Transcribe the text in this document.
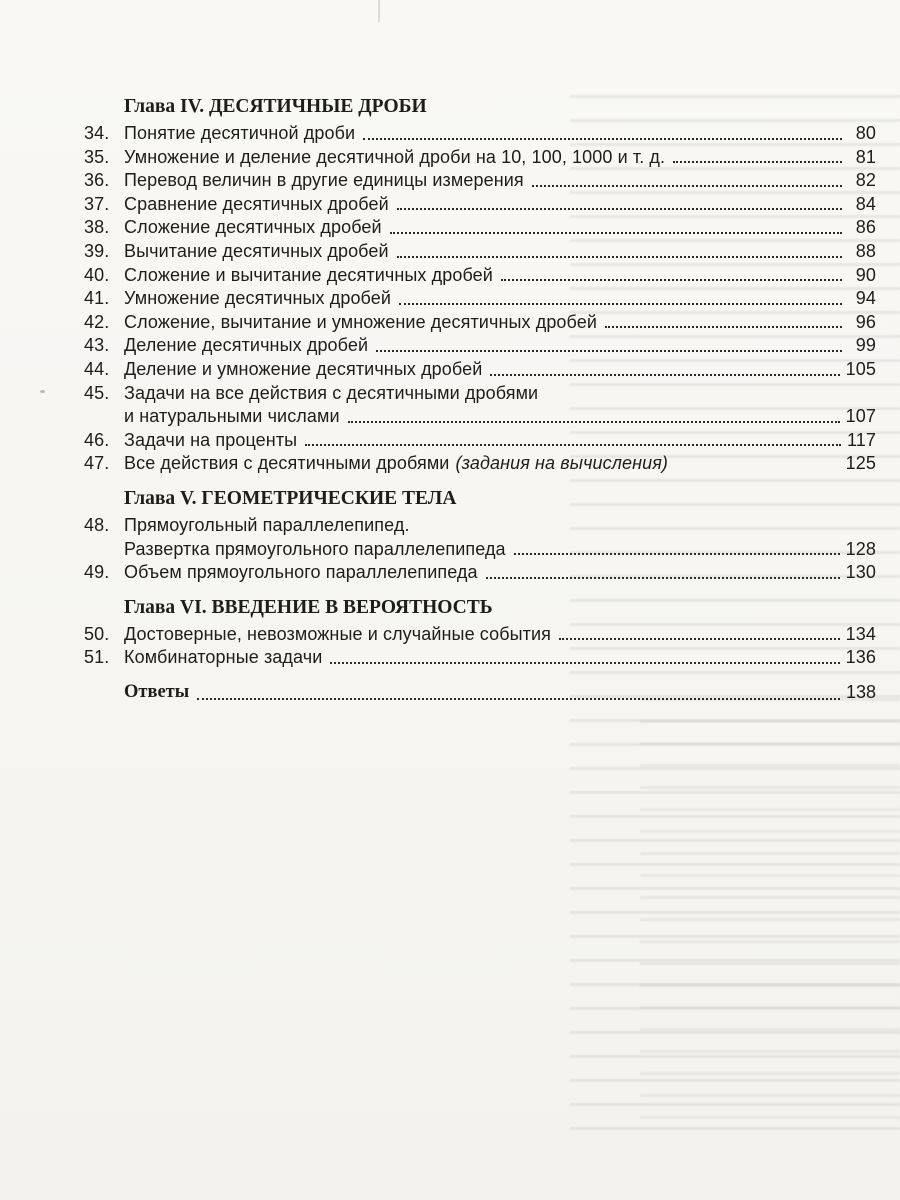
Глава IV. ДЕСЯТИЧНЫЕ ДРОБИ
34. Понятие десятичной дроби	80
35. Умножение и деление десятичной дроби на 10, 100, 1000 и т. д.	81
36. Перевод величин в другие единицы измерения	82
37. Сравнение десятичных дробей	84
38. Сложение десятичных дробей	86
39. Вычитание десятичных дробей	88
40. Сложение и вычитание десятичных дробей	90
41. Умножение десятичных дробей	94
42. Сложение, вычитание и умножение десятичных дробей	96
43. Деление десятичных дробей	99
44. Деление и умножение десятичных дробей	105
45. Задачи на все действия с десятичными дробями
и натуральными числами	107
46. Задачи на проценты	117
47. Все действия с десятичными дробями (задания на вычисления)	125
Глава V. ГЕОМЕТРИЧЕСКИЕ ТЕЛА
48. Прямоугольный параллелепипед.
Развертка прямоугольного параллелепипеда	128
49. Объем прямоугольного параллелепипеда	130
Глава VI. ВВЕДЕНИЕ В ВЕРОЯТНОСТЬ
50. Достоверные, невозможные и случайные события	134
51. Комбинаторные задачи	136
Ответы	138
